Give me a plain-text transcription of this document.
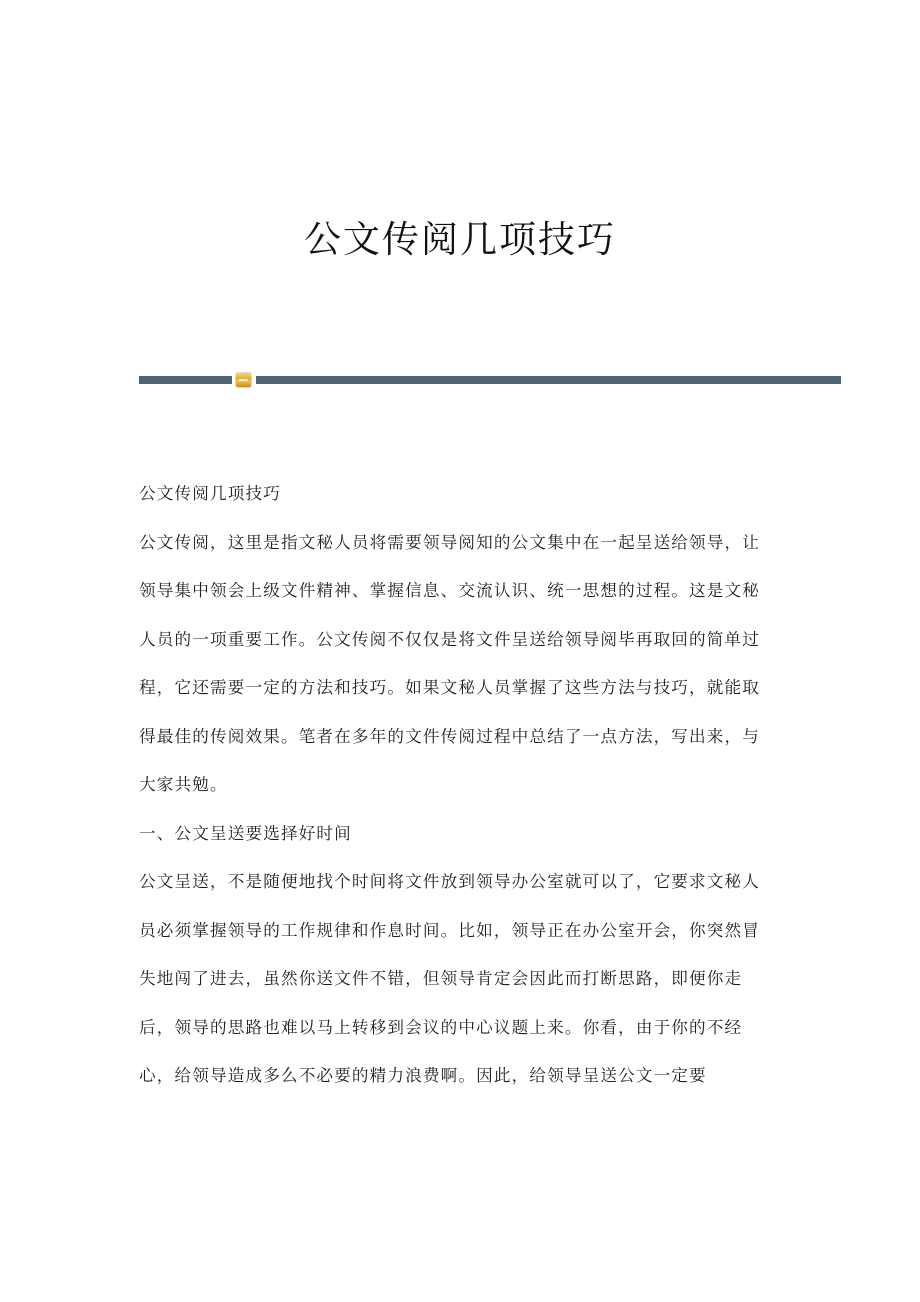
公文传阅几项技巧

公文传阅几项技巧

公文传阅，这里是指文秘人员将需要领导阅知的公文集中在一起呈送给领导，让领导集中领会上级文件精神、掌握信息、交流认识、统一思想的过程。这是文秘人员的一项重要工作。公文传阅不仅仅是将文件呈送给领导阅毕再取回的简单过程，它还需要一定的方法和技巧。如果文秘人员掌握了这些方法与技巧，就能取得最佳的传阅效果。笔者在多年的文件传阅过程中总结了一点方法，写出来，与大家共勉。

一、公文呈送要选择好时间

公文呈送，不是随便地找个时间将文件放到领导办公室就可以了，它要求文秘人员必须掌握领导的工作规律和作息时间。比如，领导正在办公室开会，你突然冒失地闯了进去，虽然你送文件不错，但领导肯定会因此而打断思路，即便你走后，领导的思路也难以马上转移到会议的中心议题上来。你看，由于你的不经心，给领导造成多么不必要的精力浪费啊。因此，给领导呈送公文一定要
